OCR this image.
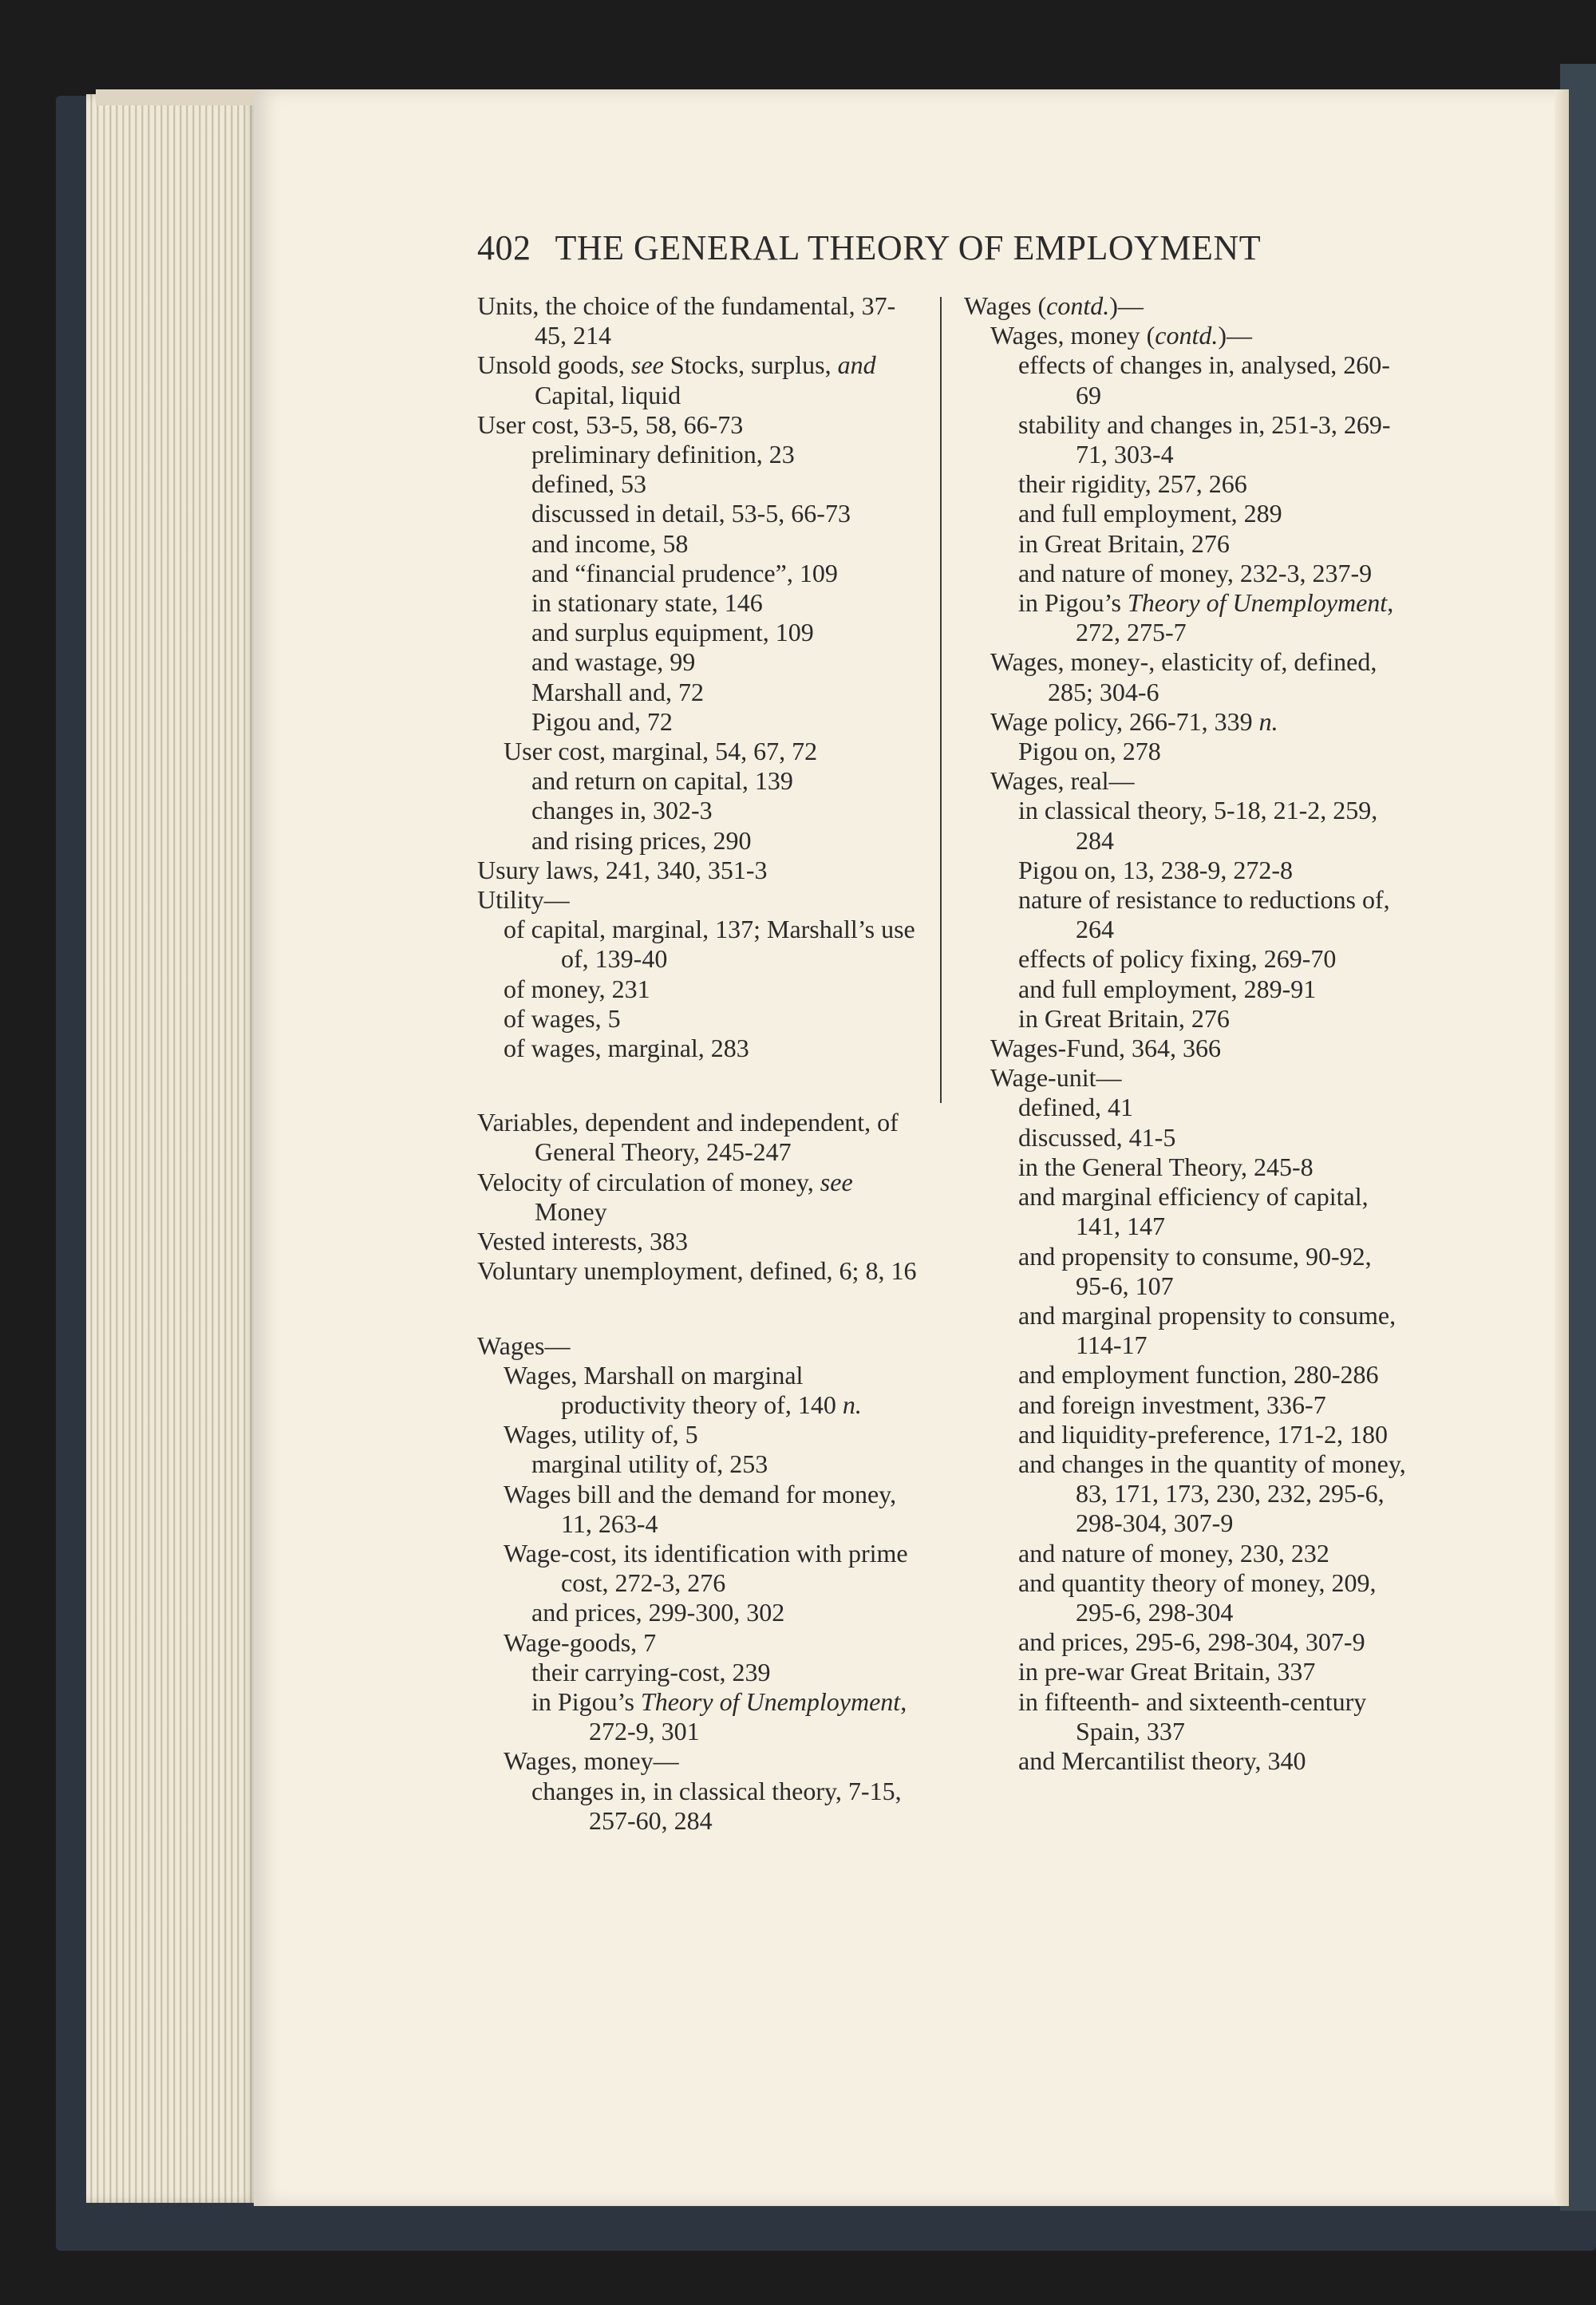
402 THE GENERAL THEORY OF EMPLOYMENT
Units, the choice of the fundamental, 37-45, 214
Unsold goods, see Stocks, surplus, and Capital, liquid
User cost, 53-5, 58, 66-73
preliminary definition, 23
defined, 53
discussed in detail, 53-5, 66-73
and income, 58
and “financial prudence”, 109
in stationary state, 146
and surplus equipment, 109
and wastage, 99
Marshall and, 72
Pigou and, 72
User cost, marginal, 54, 67, 72
and return on capital, 139
changes in, 302-3
and rising prices, 290
Usury laws, 241, 340, 351-3
Utility—
of capital, marginal, 137; Marshall’s use of, 139-40
of money, 231
of wages, 5
of wages, marginal, 283
Variables, dependent and independent, of General Theory, 245-247
Velocity of circulation of money, see Money
Vested interests, 383
Voluntary unemployment, defined, 6; 8, 16
Wages—
Wages, Marshall on marginal productivity theory of, 140 n.
Wages, utility of, 5
marginal utility of, 253
Wages bill and the demand for money, 11, 263-4
Wage-cost, its identification with prime cost, 272-3, 276
and prices, 299-300, 302
Wage-goods, 7
their carrying-cost, 239
in Pigou’s Theory of Unemployment, 272-9, 301
Wages, money—
changes in, in classical theory, 7-15, 257-60, 284
Wages (contd.)—
Wages, money (contd.)—
effects of changes in, analysed, 260-69
stability and changes in, 251-3, 269-71, 303-4
their rigidity, 257, 266
and full employment, 289
in Great Britain, 276
and nature of money, 232-3, 237-9
in Pigou’s Theory of Unemployment, 272, 275-7
Wages, money-, elasticity of, defined, 285; 304-6
Wage policy, 266-71, 339 n.
Pigou on, 278
Wages, real—
in classical theory, 5-18, 21-2, 259, 284
Pigou on, 13, 238-9, 272-8
nature of resistance to reductions of, 264
effects of policy fixing, 269-70
and full employment, 289-91
in Great Britain, 276
Wages-Fund, 364, 366
Wage-unit—
defined, 41
discussed, 41-5
in the General Theory, 245-8
and marginal efficiency of capital, 141, 147
and propensity to consume, 90-92, 95-6, 107
and marginal propensity to consume, 114-17
and employment function, 280-286
and foreign investment, 336-7
and liquidity-preference, 171-2, 180
and changes in the quantity of money, 83, 171, 173, 230, 232, 295-6, 298-304, 307-9
and nature of money, 230, 232
and quantity theory of money, 209, 295-6, 298-304
and prices, 295-6, 298-304, 307-9
in pre-war Great Britain, 337
in fifteenth- and sixteenth-century Spain, 337
and Mercantilist theory, 340
